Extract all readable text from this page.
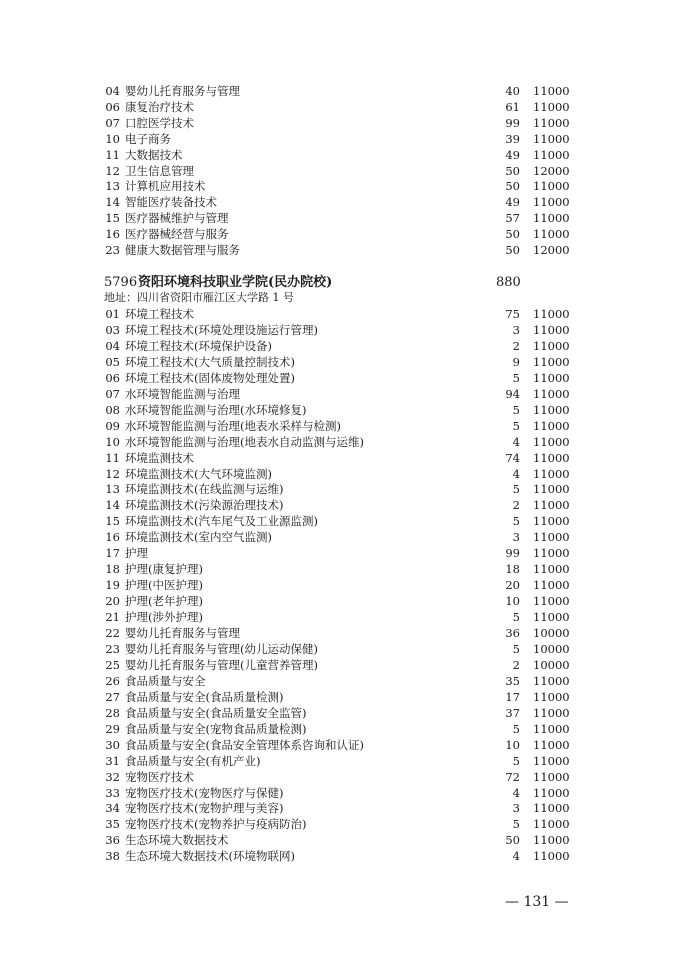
04 婴幼儿托育服务与管理	40 11000
06 康复治疗技术	61 11000
07 口腔医学技术	99 11000
10 电子商务	39 11000
11 大数据技术	49 11000
12 卫生信息管理	50 12000
13 计算机应用技术	50 11000
14 智能医疗装备技术	49 11000
15 医疗器械维护与管理	57 11000
16 医疗器械经营与服务	50 11000
23 健康大数据管理与服务	50 12000
5796 资阳环境科技职业学院(民办院校)	880
地址：四川省资阳市雁江区大学路 1 号
01 环境工程技术	75 11000
03 环境工程技术(环境处理设施运行管理)	3 11000
04 环境工程技术(环境保护设备)	2 11000
05 环境工程技术(大气质量控制技术)	9 11000
06 环境工程技术(固体废物处理处置)	5 11000
07 水环境智能监测与治理	94 11000
08 水环境智能监测与治理(水环境修复)	5 11000
09 水环境智能监测与治理(地表水采样与检测)	5 11000
10 水环境智能监测与治理(地表水自动监测与运维)	4 11000
11 环境监测技术	74 11000
12 环境监测技术(大气环境监测)	4 11000
13 环境监测技术(在线监测与运维)	5 11000
14 环境监测技术(污染源治理技术)	2 11000
15 环境监测技术(汽车尾气及工业源监测)	5 11000
16 环境监测技术(室内空气监测)	3 11000
17 护理	99 11000
18 护理(康复护理)	18 11000
19 护理(中医护理)	20 11000
20 护理(老年护理)	10 11000
21 护理(涉外护理)	5 11000
22 婴幼儿托育服务与管理	36 10000
23 婴幼儿托育服务与管理(幼儿运动保健)	5 10000
25 婴幼儿托育服务与管理(儿童营养管理)	2 10000
26 食品质量与安全	35 11000
27 食品质量与安全(食品质量检测)	17 11000
28 食品质量与安全(食品质量安全监管)	37 11000
29 食品质量与安全(宠物食品质量检测)	5 11000
30 食品质量与安全(食品安全管理体系咨询和认证)	10 11000
31 食品质量与安全(有机产业)	5 11000
32 宠物医疗技术	72 11000
33 宠物医疗技术(宠物医疗与保健)	4 11000
34 宠物医疗技术(宠物护理与美容)	3 11000
35 宠物医疗技术(宠物养护与疫病防治)	5 11000
36 生态环境大数据技术	50 11000
38 生态环境大数据技术(环境物联网)	4 11000
— 131 —
